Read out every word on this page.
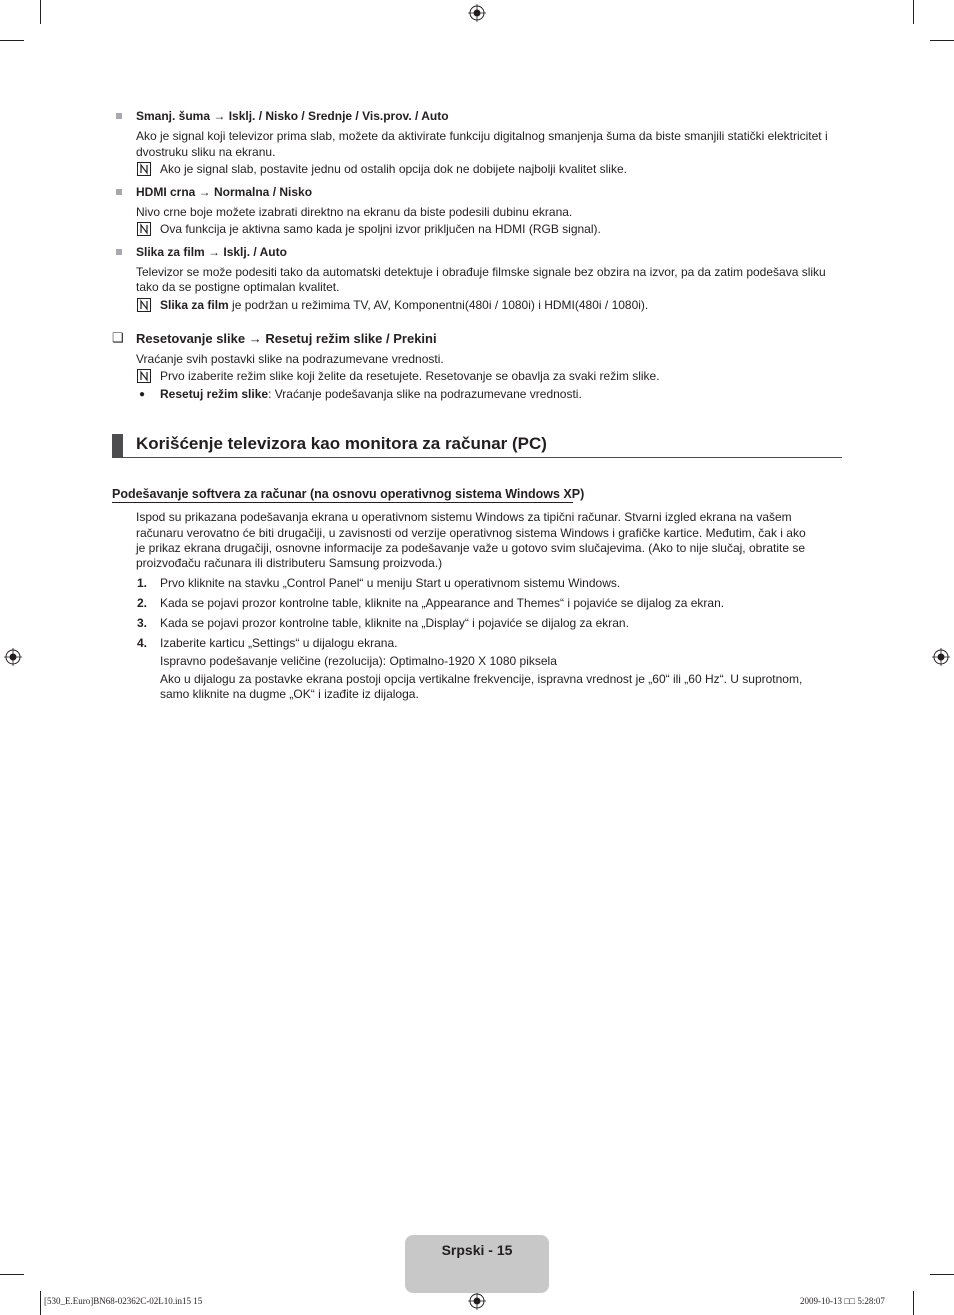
Smanj. šuma → Isklj. / Nisko / Srednje / Vis.prov. / Auto
Ako je signal koji televizor prima slab, možete da aktivirate funkciju digitalnog smanjenja šuma da biste smanjili statički elektricitet i
dvostruku sliku na ekranu.
Ako je signal slab, postavite jednu od ostalih opcija dok ne dobijete najbolji kvalitet slike.
HDMI crna → Normalna / Nisko
Nivo crne boje možete izabrati direktno na ekranu da biste podesili dubinu ekrana.
Ova funkcija je aktivna samo kada je spoljni izvor priključen na HDMI (RGB signal).
Slika za film → Isklj. / Auto
Televizor se može podesiti tako da automatski detektuje i obrađuje filmske signale bez obzira na izvor, pa da zatim podešava sliku
tako da se postigne optimalan kvalitet.
Slika za film je podržan u režimima TV, AV, Komponentni(480i / 1080i) i HDMI(480i / 1080i).
❑ Resetovanje slike → Resetuj režim slike / Prekini
Vraćanje svih postavki slike na podrazumevane vrednosti.
Prvo izaberite režim slike koji želite da resetujete. Resetovanje se obavlja za svaki režim slike.
● Resetuj režim slike: Vraćanje podešavanja slike na podrazumevane vrednosti.
Korišćenje televizora kao monitora za računar (PC)
Podešavanje softvera za računar (na osnovu operativnog sistema Windows XP)
Ispod su prikazana podešavanja ekrana u operativnom sistemu Windows za tipični računar. Stvarni izgled ekrana na vašem
računaru verovatno će biti drugačiji, u zavisnosti od verzije operativnog sistema Windows i grafičke kartice. Međutim, čak i ako
je prikaz ekrana drugačiji, osnovne informacije za podešavanje važe u gotovo svim slučajevima. (Ako to nije slučaj, obratite se
proizvođaču računara ili distributeru Samsung proizvoda.)
1. Prvo kliknite na stavku „Control Panel“ u meniju Start u operativnom sistemu Windows.
2. Kada se pojavi prozor kontrolne table, kliknite na „Appearance and Themes“ i pojaviće se dijalog za ekran.
3. Kada se pojavi prozor kontrolne table, kliknite na „Display“ i pojaviće se dijalog za ekran.
4. Izaberite karticu „Settings“ u dijalogu ekrana.
Ispravno podešavanje veličine (rezolucija): Optimalno-1920 X 1080 piksela
Ako u dijalogu za postavke ekrana postoji opcija vertikalne frekvencije, ispravna vrednost je „60“ ili „60 Hz“. U suprotnom,
samo kliknite na dugme „OK“ i izađite iz dijaloga.
Srpski - 15
[530_E.Euro]BN68-02362C-02L10.in15 15	2009-10-13 □□ 5:28:07
